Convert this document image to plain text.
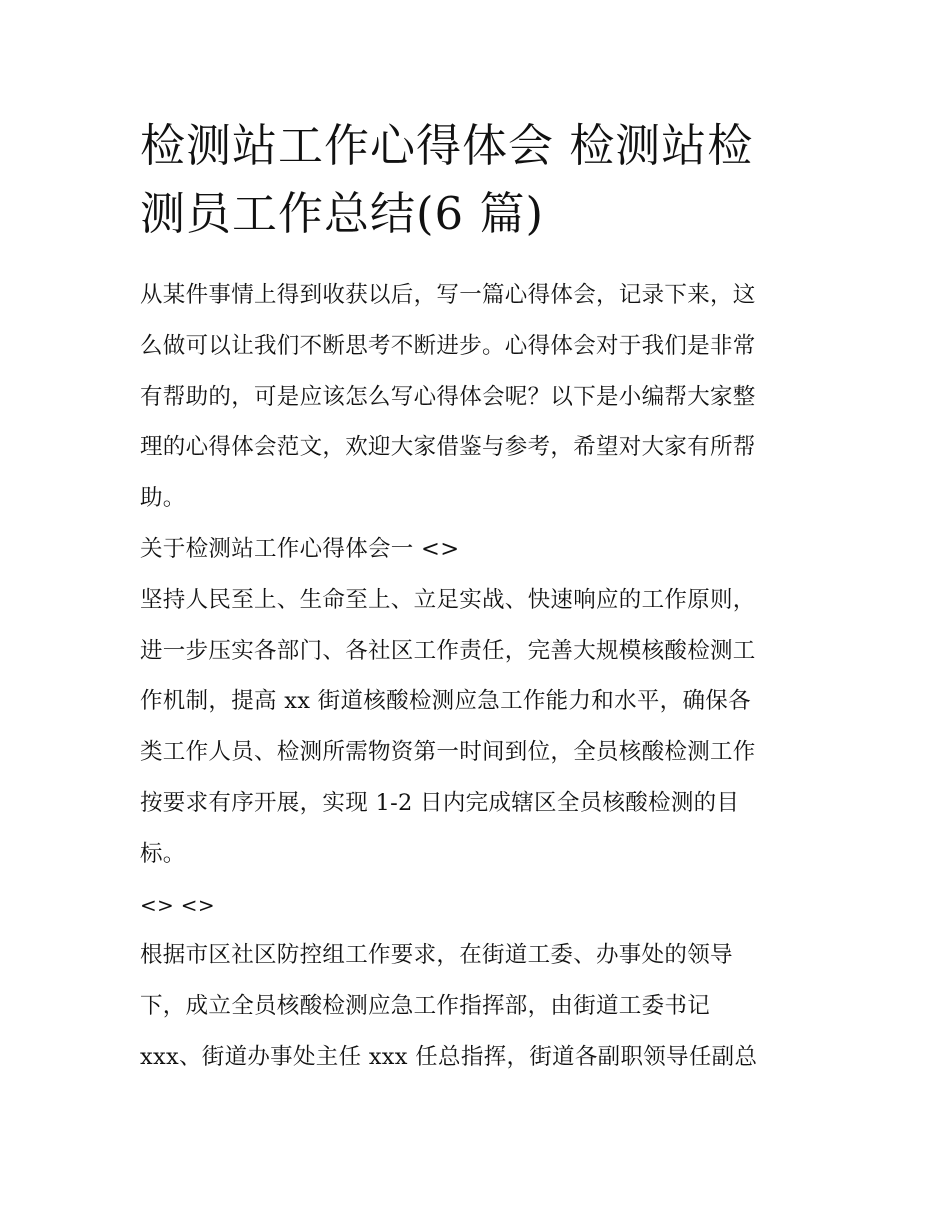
检测站工作心得体会 检测站检
测员工作总结(6 篇)
从某件事情上得到收获以后，写一篇心得体会，记录下来，这
么做可以让我们不断思考不断进步。心得体会对于我们是非常
有帮助的，可是应该怎么写心得体会呢？以下是小编帮大家整
理的心得体会范文，欢迎大家借鉴与参考，希望对大家有所帮
助。
关于检测站工作心得体会一 <>
坚持人民至上、生命至上、立足实战、快速响应的工作原则，
进一步压实各部门、各社区工作责任，完善大规模核酸检测工
作机制，提高 xx 街道核酸检测应急工作能力和水平，确保各
类工作人员、检测所需物资第一时间到位，全员核酸检测工作
按要求有序开展，实现 1-2 日内完成辖区全员核酸检测的目
标。
<> <>
根据市区社区防控组工作要求，在街道工委、办事处的领导
下，成立全员核酸检测应急工作指挥部，由街道工委书记
xxx、街道办事处主任 xxx 任总指挥，街道各副职领导任副总
